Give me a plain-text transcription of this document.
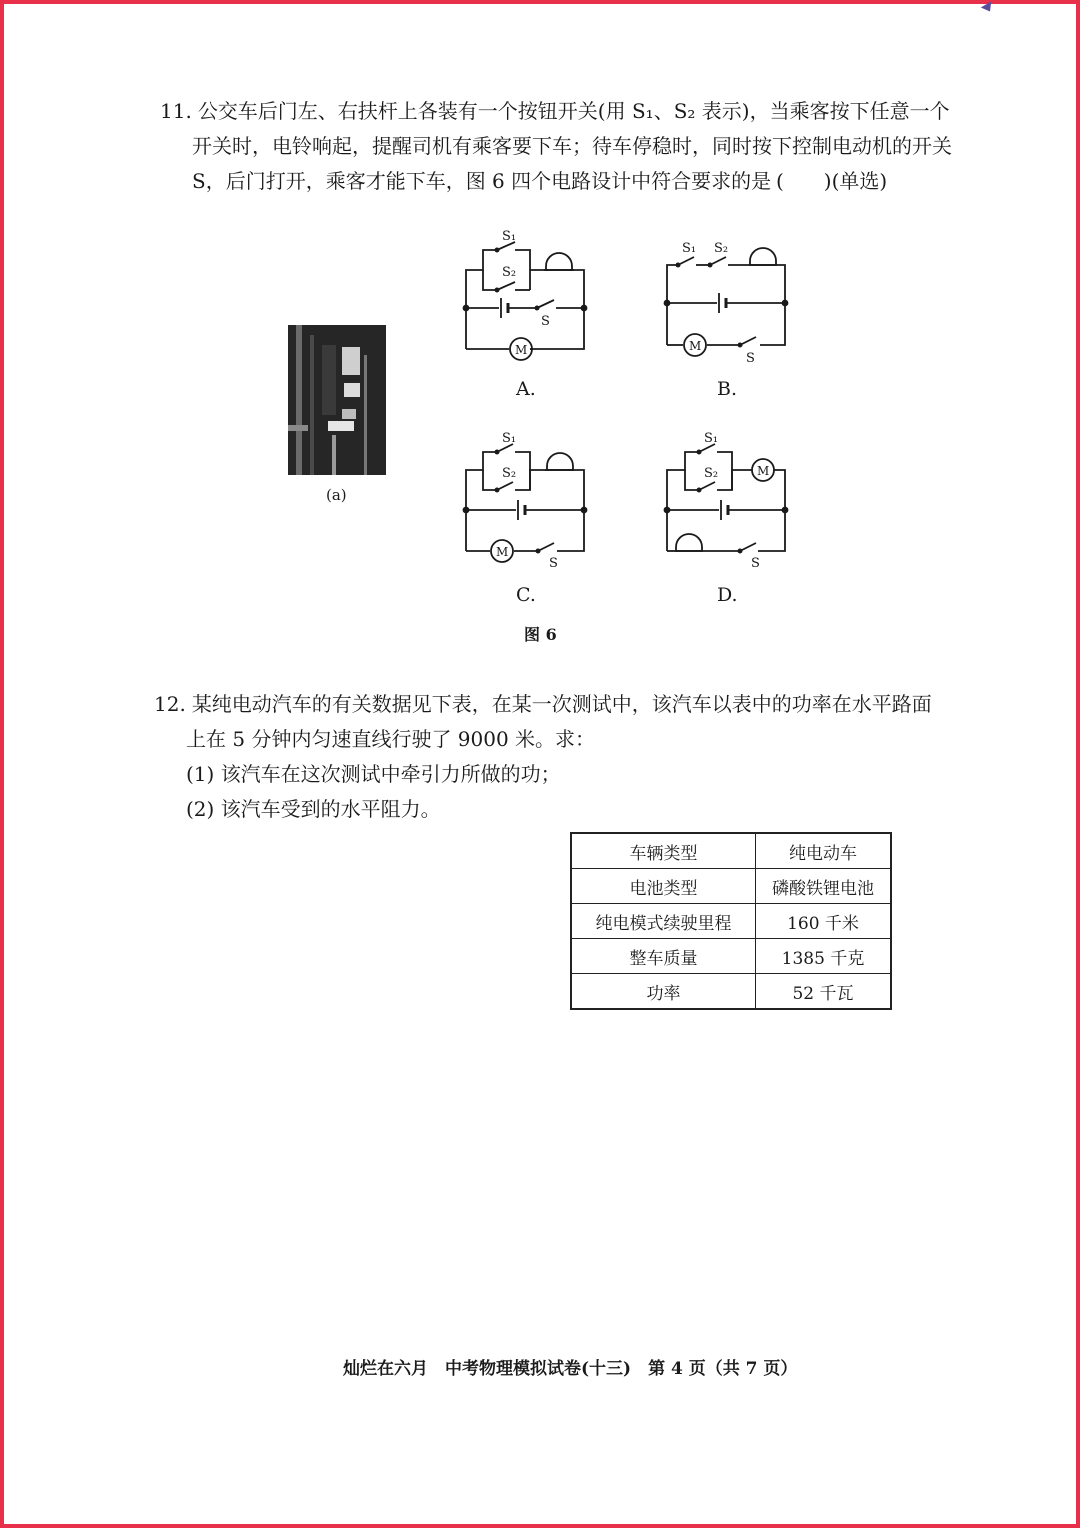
11. 公交车后门左、右扶杆上各装有一个按钮开关(用 S₁、S₂ 表示)，当乘客按下任意一个
开关时，电铃响起，提醒司机有乘客要下车；待车停稳时，同时按下控制电动机的开关
S，后门打开，乘客才能下车，图 6 四个电路设计中符合要求的是 (　　)(单选)
(a)
S₁
S₂
S
M
S₁ S₂
S
M
S₁
S₂
S
M
S₁
S₂
S
M
A.	B.
C.	D.
图 6
12. 某纯电动汽车的有关数据见下表，在某一次测试中，该汽车以表中的功率在水平路面
上在 5 分钟内匀速直线行驶了 9000 米。求：
(1) 该汽车在这次测试中牵引力所做的功；
(2) 该汽车受到的水平阻力。
车辆类型	纯电动车
电池类型	磷酸铁锂电池
纯电模式续驶里程	160 千米
整车质量	1385 千克
功率	52 千瓦
灿烂在六月　中考物理模拟试卷(十三)　第 4 页（共 7 页）
